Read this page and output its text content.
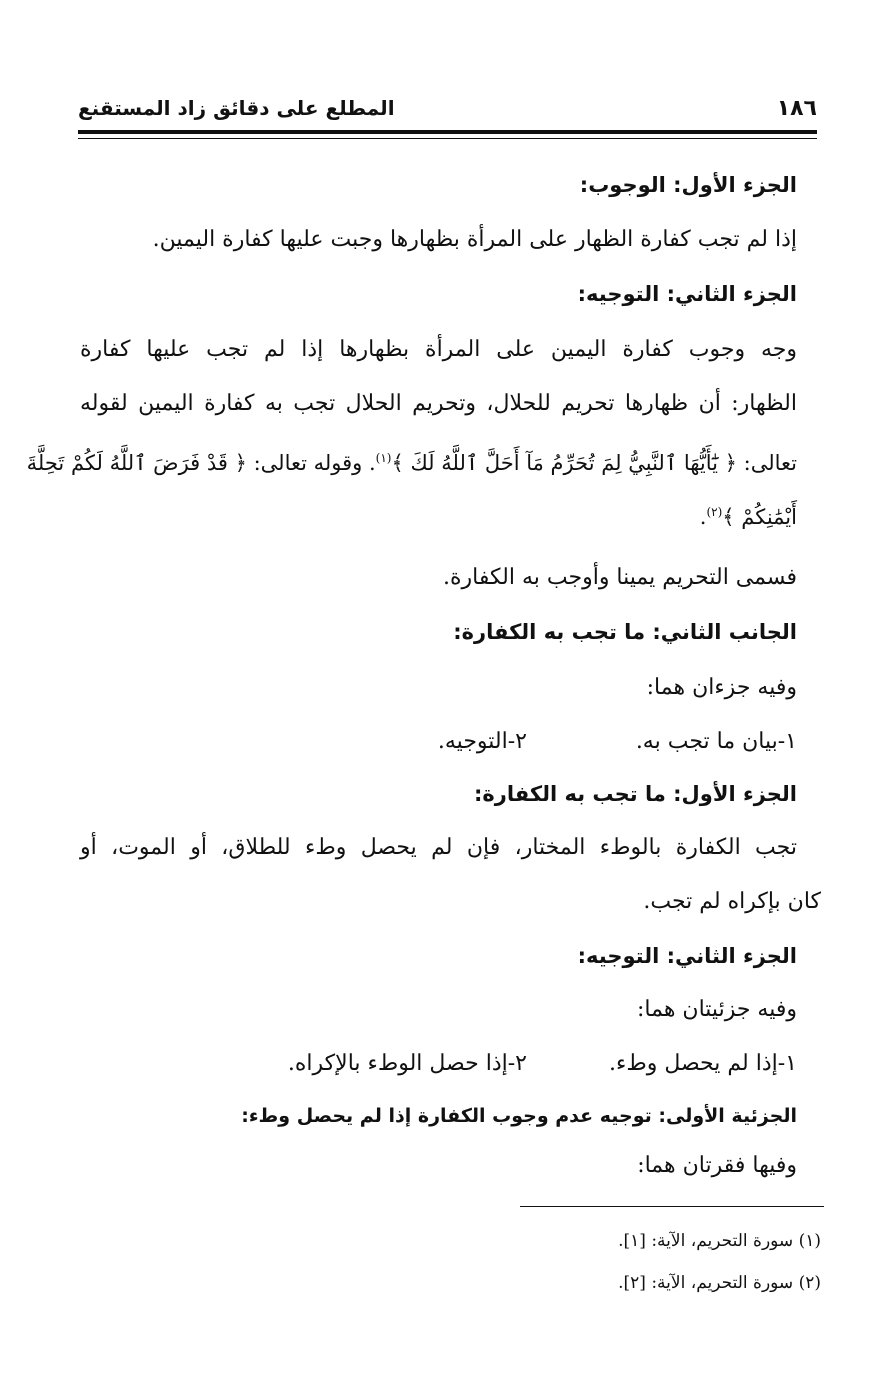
١٨٦
المطلع على دقائق زاد المستقنع
الجزء الأول: الوجوب:
إذا لم تجب كفارة الظهار على المرأة بظهارها وجبت عليها كفارة اليمين.
الجزء الثاني: التوجيه:
وجه وجوب كفارة اليمين على المرأة بظهارها إذا لم تجب عليها كفارة
الظهار: أن ظهارها تحريم للحلال، وتحريم الحلال تجب به كفارة اليمين لقوله
تعالى: ﴿ يَٰٓأَيُّهَا ٱلنَّبِيُّ لِمَ تُحَرِّمُ مَآ أَحَلَّ ٱللَّهُ لَكَ ﴾$^{(١)}$. وقوله تعالى: ﴿ قَدْ فَرَضَ ٱللَّهُ لَكُمْ تَحِلَّةَ
أَيْمَٰنِكُمْ ﴾$^{(٢)}$.
فسمى التحريم يمينا وأوجب به الكفارة.
الجانب الثاني: ما تجب به الكفارة:
وفيه جزءان هما:
١-بيان ما تجب به.
٢-التوجيه.
الجزء الأول: ما تجب به الكفارة:
تجب الكفارة بالوطء المختار، فإن لم يحصل وطء للطلاق، أو الموت، أو
كان بإكراه لم تجب.
الجزء الثاني: التوجيه:
وفيه جزئيتان هما:
١-إذا لم يحصل وطء.
٢-إذا حصل الوطء بالإكراه.
الجزئية الأولى: توجيه عدم وجوب الكفارة إذا لم يحصل وطء:
وفيها فقرتان هما:
(١) سورة التحريم، الآية: [١].
(٢) سورة التحريم، الآية: [٢].
